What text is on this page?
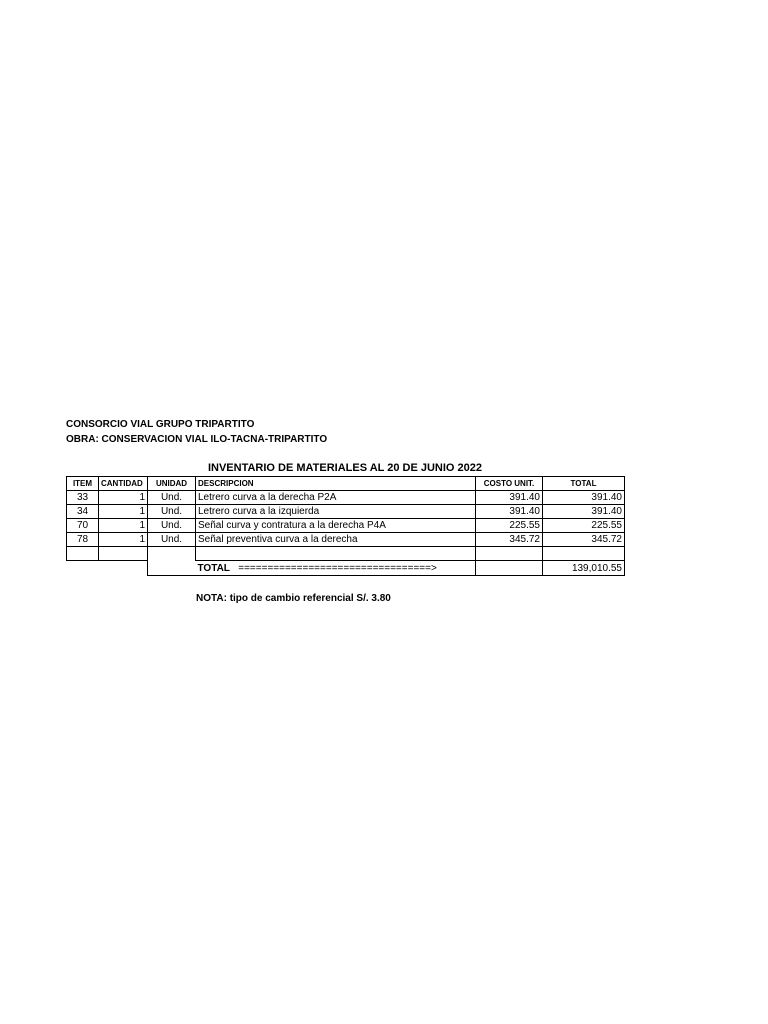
CONSORCIO VIAL GRUPO TRIPARTITO
OBRA: CONSERVACION VIAL ILO-TACNA-TRIPARTITO
INVENTARIO DE MATERIALES AL 20 DE JUNIO 2022
ITEM	CANTIDAD	UNIDAD	DESCRIPCION	COSTO UNIT.	TOTAL
33	1	Und.	Letrero curva a la derecha P2A	391.40	391.40
34	1	Und.	Letrero curva a la izquierda	391.40	391.40
70	1	Und.	Señal curva y contratura a la derecha P4A	225.55	225.55
78	1	Und.	Señal preventiva curva a la derecha	345.72	345.72

			TOTAL =================================>		139,010.55
NOTA: tipo de cambio referencial S/. 3.80
